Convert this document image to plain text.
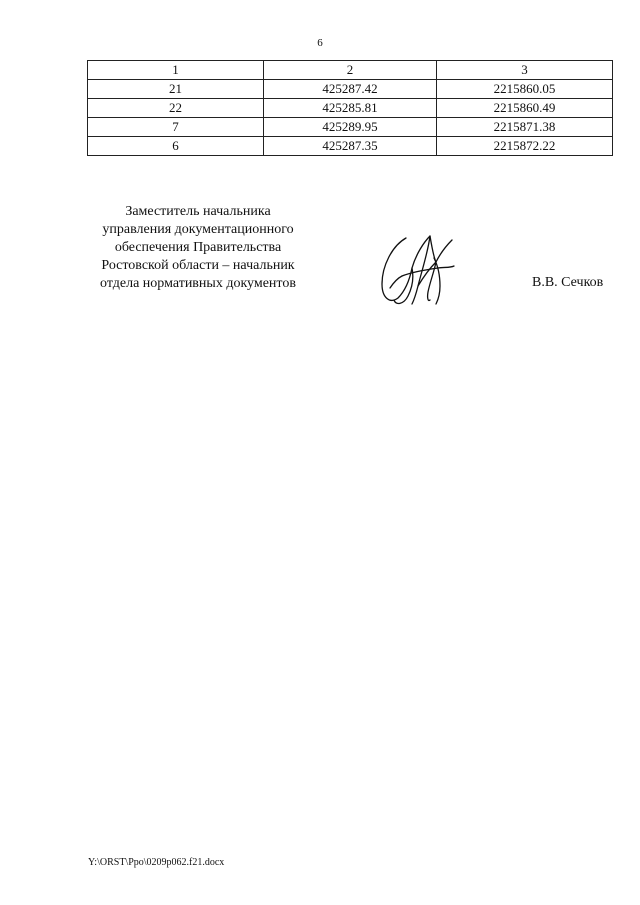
6
1	2	3
21	425287.42	2215860.05
22	425285.81	2215860.49
7	425289.95	2215871.38
6	425287.35	2215872.22
Заместитель начальника
управления документационного
обеспечения Правительства
Ростовской области – начальник
отдела нормативных документов	В.В. Сечков
Y:\ORST\Ppo\0209p062.f21.docx
